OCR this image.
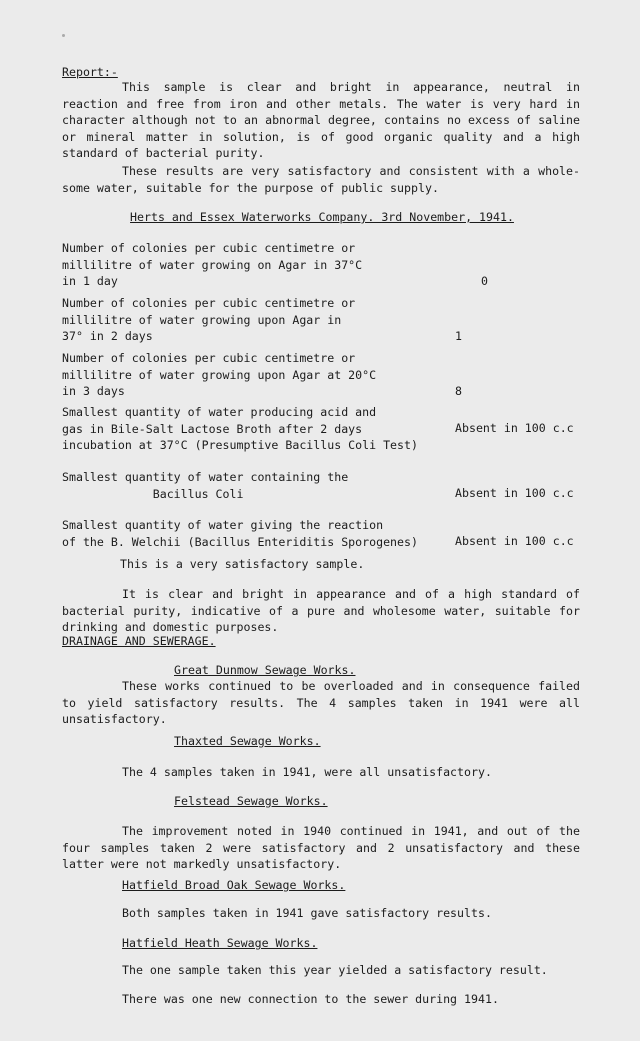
Report:-
This sample is clear and bright in appearance, neutral in reaction and free from iron and other metals. The water is very hard in character although not to an abnormal degree, contains no excess of saline or mineral matter in solution, is of good organic quality and a high standard of bacterial purity.
These results are very satisfactory and consistent with a whole-some water, suitable for the purpose of public supply.
Herts and Essex Waterworks Company. 3rd November, 1941.
Number of colonies per cubic centimetre or
millilitre of water growing on Agar in 37°C
in 1 day	0
Number of colonies per cubic centimetre or
millilitre of water growing upon Agar in
37° in 2 days	1
Number of colonies per cubic centimetre or
millilitre of water growing upon Agar at 20°C
in 3 days	8
Smallest quantity of water producing acid and
gas in Bile-Salt Lactose Broth after 2 days
incubation at 37°C (Presumptive Bacillus Coli Test)
Absent in 100 c.c
Smallest quantity of water containing the
Bacillus Coli	Absent in 100 c.c
Smallest quantity of water giving the reaction
of the B. Welchii (Bacillus Enteriditis Sporogenes)	Absent in 100 c.c
This is a very satisfactory sample.
It is clear and bright in appearance and of a high standard of bacterial purity, indicative of a pure and wholesome water, suitable for drinking and domestic purposes.
DRAINAGE AND SEWERAGE.
Great Dunmow Sewage Works.
These works continued to be overloaded and in consequence failed to yield satisfactory results. The 4 samples taken in 1941 were all unsatisfactory.
Thaxted Sewage Works.
The 4 samples taken in 1941, were all unsatisfactory.
Felstead Sewage Works.
The improvement noted in 1940 continued in 1941, and out of the four samples taken 2 were satisfactory and 2 unsatisfactory and these latter were not markedly unsatisfactory.
Hatfield Broad Oak Sewage Works.
Both samples taken in 1941 gave satisfactory results.
Hatfield Heath Sewage Works.
The one sample taken this year yielded a satisfactory result.
There was one new connection to the sewer during 1941.
